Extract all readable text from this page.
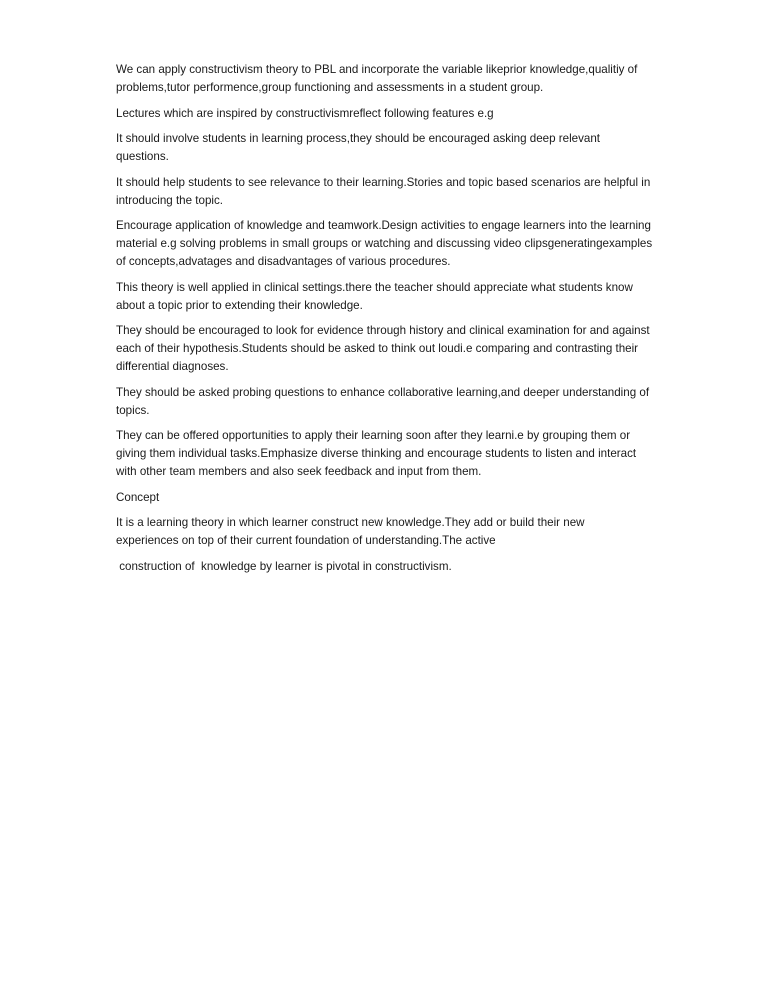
We can apply constructivism theory to PBL and incorporate the variable likeprior knowledge,qualitiy of
problems,tutor performence,group functioning and assessments in a student group.

Lectures which are inspired by constructivismreflect following features e.g

It should involve students in learning process,they should be encouraged asking deep relevant
questions.

It should help students to see relevance to their learning.Stories and topic based scenarios are helpful in
introducing the topic.

Encourage application of knowledge and teamwork.Design activities to engage learners into the learning
material e.g solving problems in small groups or watching and discussing video clipsgeneratingexamples
of concepts,advatages and disadvantages of various procedures.

This theory is well applied in clinical settings.there the teacher should appreciate what students know
about a topic prior to extending their knowledge.

They should be encouraged to look for evidence through history and clinical examination for and against
each of their hypothesis.Students should be asked to think out loudi.e comparing and contrasting their
differential diagnoses.

They should be asked probing questions to enhance collaborative learning,and deeper understanding of
topics.

They can be offered opportunities to apply their learning soon after they learni.e by grouping them or
giving them individual tasks.Emphasize diverse thinking and encourage students to listen and interact
with other team members and also seek feedback and input from them.

Concept

It is a learning theory in which learner construct new knowledge.They add or build their new
experiences on top of their current foundation of understanding.The active

construction of  knowledge by learner is pivotal in constructivism.
